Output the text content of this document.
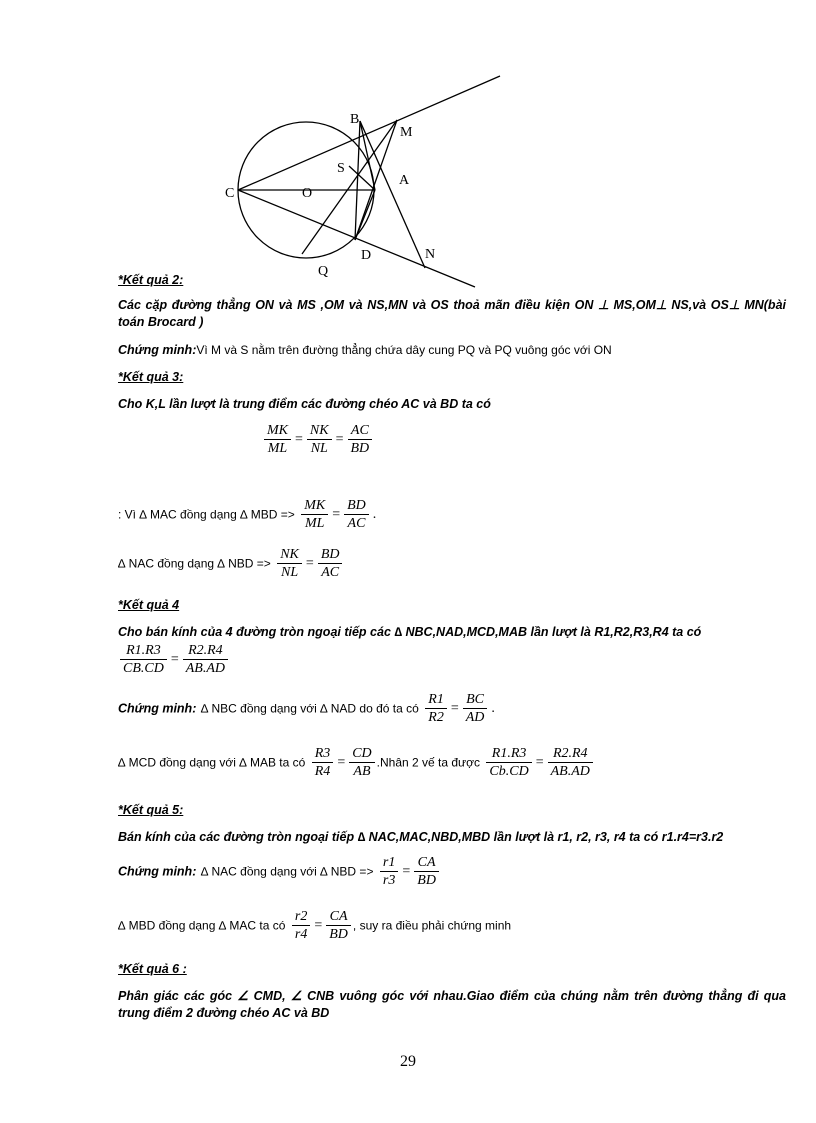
B
M
S
A
C	O
D	N
Q
*Kết quả 2:
Các cặp đường thẳng ON và MS ,OM và NS,MN và OS thoả mãn điều kiện ON ⊥ MS,OM⊥ NS,và OS⊥ MN(bài toán Brocard )
Chứng minh:Vì M và S nằm trên đường thẳng chứa dây cung PQ và PQ vuông góc với ON
*Kết quả 3:
Cho K,L lần lượt là trung điểm các đường chéo AC và BD ta có
$\frac{MK}{ML} = \frac{NK}{NL} = \frac{AC}{BD}$
: Vì ∆ MAC đồng dạng ∆ MBD => $\frac{MK}{ML} = \frac{BD}{AC}$ .
∆ NAC đồng dạng ∆ NBD => $\frac{NK}{NL} = \frac{BD}{AC}$
*Kết quả 4
Cho bán kính của 4 đường tròn ngoại tiếp các ∆ NBC,NAD,MCD,MAB lần lượt là R1,R2,R3,R4 ta có
$\frac{R1.R3}{CB.CD} = \frac{R2.R4}{AB.AD}$
Chứng minh: ∆ NBC đồng dạng với ∆ NAD do đó ta có $\frac{R1}{R2} = \frac{BC}{AD}$ .
∆ MCD đồng dạng với ∆ MAB ta có $\frac{R3}{R4} = \frac{CD}{AB}$ .Nhân 2 vế ta được $\frac{R1.R3}{Cb.CD} = \frac{R2.R4}{AB.AD}$
*Kết quả 5:
Bán kính của các đường tròn ngoại tiếp ∆ NAC,MAC,NBD,MBD lần lượt là r1, r2, r3, r4 ta có r1.r4=r3.r2
Chứng minh: ∆ NAC đồng dạng với ∆ NBD => $\frac{r1}{r3} = \frac{CA}{BD}$
∆ MBD đồng dạng ∆ MAC ta có $\frac{r2}{r4} = \frac{CA}{BD}$ , suy ra điều phải chứng minh
*Kết quả 6 :
Phân giác các góc ∠ CMD, ∠ CNB vuông góc với nhau.Giao điểm của chúng nằm trên đường thẳng đi qua trung điểm 2 đường chéo AC và BD
29
